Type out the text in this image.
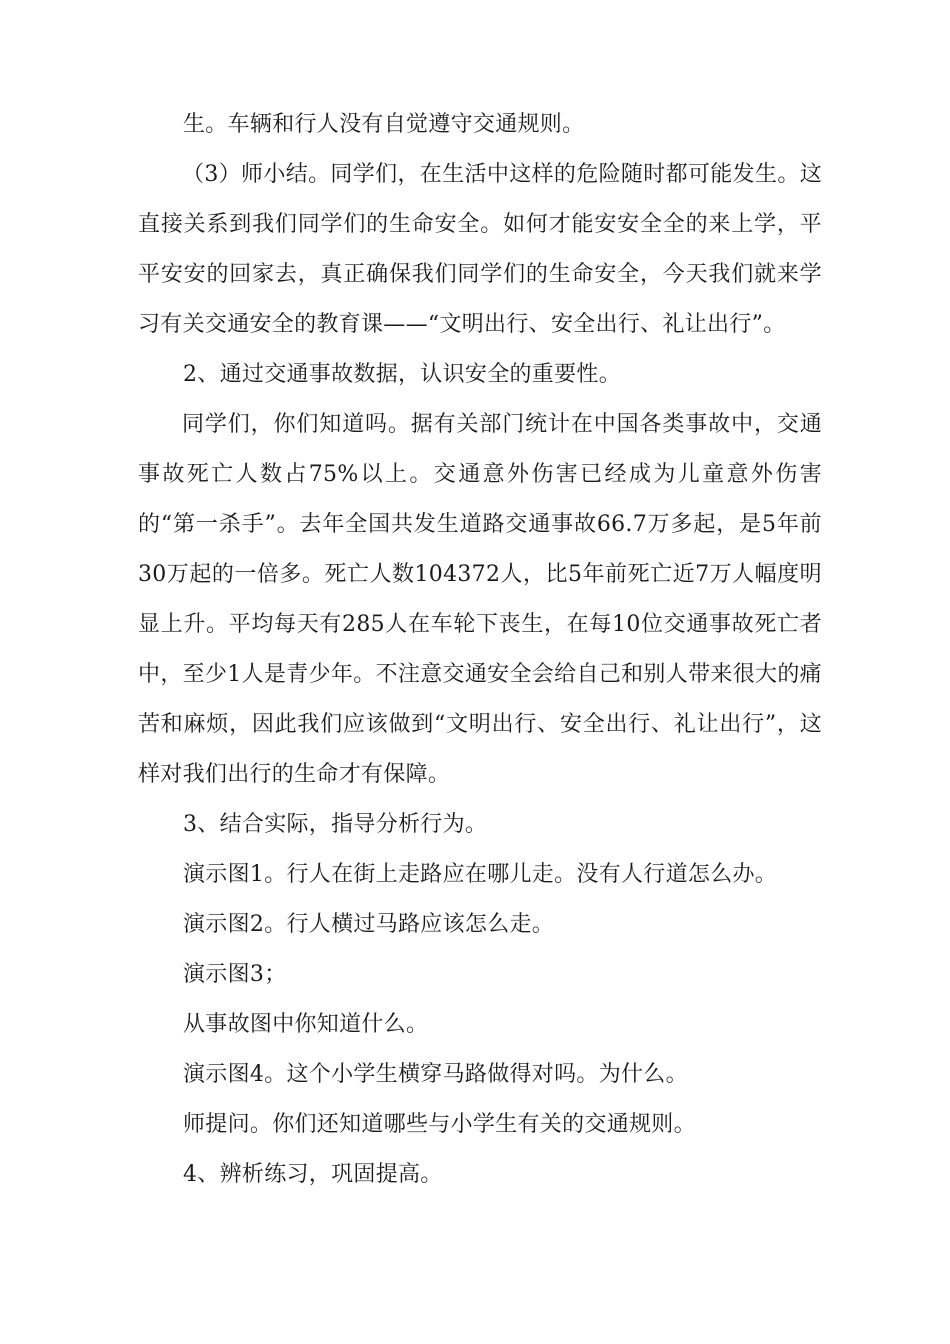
生。车辆和行人没有自觉遵守交通规则。

（3）师小结。同学们，在生活中这样的危险随时都可能发生。这直接关系到我们同学们的生命安全。如何才能安安全全的来上学，平平安安的回家去，真正确保我们同学们的生命安全，今天我们就来学习有关交通安全的教育课——“文明出行、安全出行、礼让出行”。

2、通过交通事故数据，认识安全的重要性。

同学们，你们知道吗。据有关部门统计在中国各类事故中，交通事故死亡人数占75%以上。交通意外伤害已经成为儿童意外伤害的“第一杀手”。去年全国共发生道路交通事故66.7万多起，是5年前30万起的一倍多。死亡人数104372人，比5年前死亡近7万人幅度明显上升。平均每天有285人在车轮下丧生，在每10位交通事故死亡者中，至少1人是青少年。不注意交通安全会给自己和别人带来很大的痛苦和麻烦，因此我们应该做到“文明出行、安全出行、礼让出行”，这样对我们出行的生命才有保障。

3、结合实际，指导分析行为。

演示图1。行人在街上走路应在哪儿走。没有人行道怎么办。

演示图2。行人横过马路应该怎么走。

演示图3；

从事故图中你知道什么。

演示图4。这个小学生横穿马路做得对吗。为什么。

师提问。你们还知道哪些与小学生有关的交通规则。

4、辨析练习，巩固提高。
